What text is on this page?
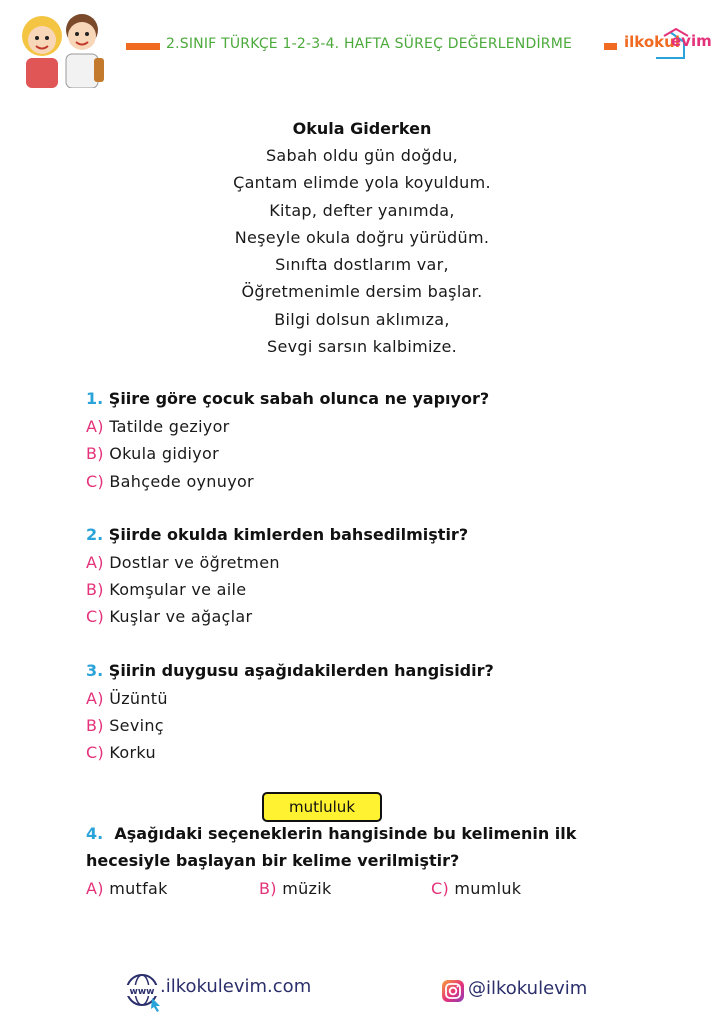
2.SINIF TÜRKÇE 1-2-3-4. HAFTA SÜREÇ DEĞERLENDİRME	ilkokul
evim
Okula Giderken
Sabah oldu gün doğdu,
Çantam elimde yola koyuldum.
Kitap, defter yanımda,
Neşeyle okula doğru yürüdüm.
Sınıfta dostlarım var,
Öğretmenimle dersim başlar.
Bilgi dolsun aklımıza,
Sevgi sarsın kalbimize.
1. Şiire göre çocuk sabah olunca ne yapıyor?
A) Tatilde geziyor
B) Okula gidiyor
C) Bahçede oynuyor
2. Şiirde okulda kimlerden bahsedilmiştir?
A) Dostlar ve öğretmen
B) Komşular ve aile
C) Kuşlar ve ağaçlar
3. Şiirin duygusu aşağıdakilerden hangisidir?
A) Üzüntü
B) Sevinç
C) Korku
mutluluk
4. Aşağıdaki seçeneklerin hangisinde bu kelimenin ilk
hecesiyle başlayan bir kelime verilmiştir?
A) mutfak	B) müzik	C) mumluk
www .ilkokulevim.com	@ilkokulevim
